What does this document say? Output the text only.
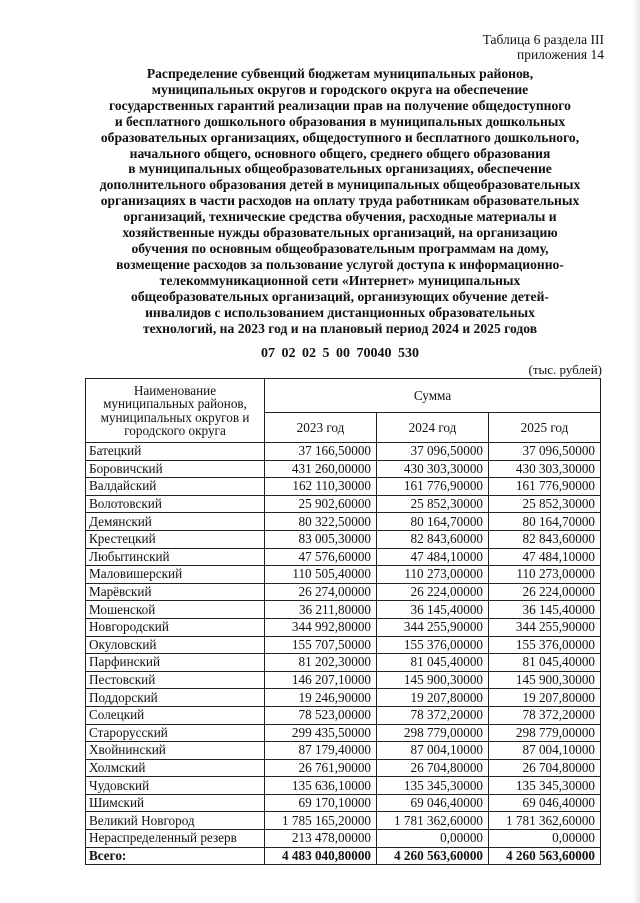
Таблица 6 раздела III
приложения 14
Распределение субвенций бюджетам муниципальных районов,
муниципальных округов и городского округа на обеспечение
государственных гарантий реализации прав на получение общедоступного
и бесплатного дошкольного образования в муниципальных дошкольных
образовательных организациях, общедоступного и бесплатного дошкольного,
начального общего, основного общего, среднего общего образования
в муниципальных общеобразовательных организациях, обеспечение
дополнительного образования детей в муниципальных общеобразовательных
организациях в части расходов на оплату труда работникам образовательных
организаций, технические средства обучения, расходные материалы и
хозяйственные нужды образовательных организаций, на организацию
обучения по основным общеобразовательным программам на дому,
возмещение расходов за пользование услугой доступа к информационно-
телекоммуникационной сети «Интернет» муниципальных
общеобразовательных организаций, организующих обучение детей-
инвалидов с использованием дистанционных образовательных
технологий, на 2023 год и на плановый период 2024 и 2025 годов
07 02 02 5 00 70040 530
(тыс. рублей)
Наименование муниципальных районов, муниципальных округов и городского округа	Сумма		
	2023 год	2024 год	2025 год
Батецкий	37 166,50000	37 096,50000	37 096,50000
Боровичский	431 260,00000	430 303,30000	430 303,30000
Валдайский	162 110,30000	161 776,90000	161 776,90000
Волотовский	25 902,60000	25 852,30000	25 852,30000
Демянский	80 322,50000	80 164,70000	80 164,70000
Крестецкий	83 005,30000	82 843,60000	82 843,60000
Любытинский	47 576,60000	47 484,10000	47 484,10000
Маловишерский	110 505,40000	110 273,00000	110 273,00000
Марёвский	26 274,00000	26 224,00000	26 224,00000
Мошенской	36 211,80000	36 145,40000	36 145,40000
Новгородский	344 992,80000	344 255,90000	344 255,90000
Окуловский	155 707,50000	155 376,00000	155 376,00000
Парфинский	81 202,30000	81 045,40000	81 045,40000
Пестовский	146 207,10000	145 900,30000	145 900,30000
Поддорский	19 246,90000	19 207,80000	19 207,80000
Солецкий	78 523,00000	78 372,20000	78 372,20000
Старорусский	299 435,50000	298 779,00000	298 779,00000
Хвойнинский	87 179,40000	87 004,10000	87 004,10000
Холмский	26 761,90000	26 704,80000	26 704,80000
Чудовский	135 636,10000	135 345,30000	135 345,30000
Шимский	69 170,10000	69 046,40000	69 046,40000
Великий Новгород	1 785 165,20000	1 781 362,60000	1 781 362,60000
Нераспределенный резерв	213 478,00000	0,00000	0,00000
Всего:	4 483 040,80000	4 260 563,60000	4 260 563,60000
